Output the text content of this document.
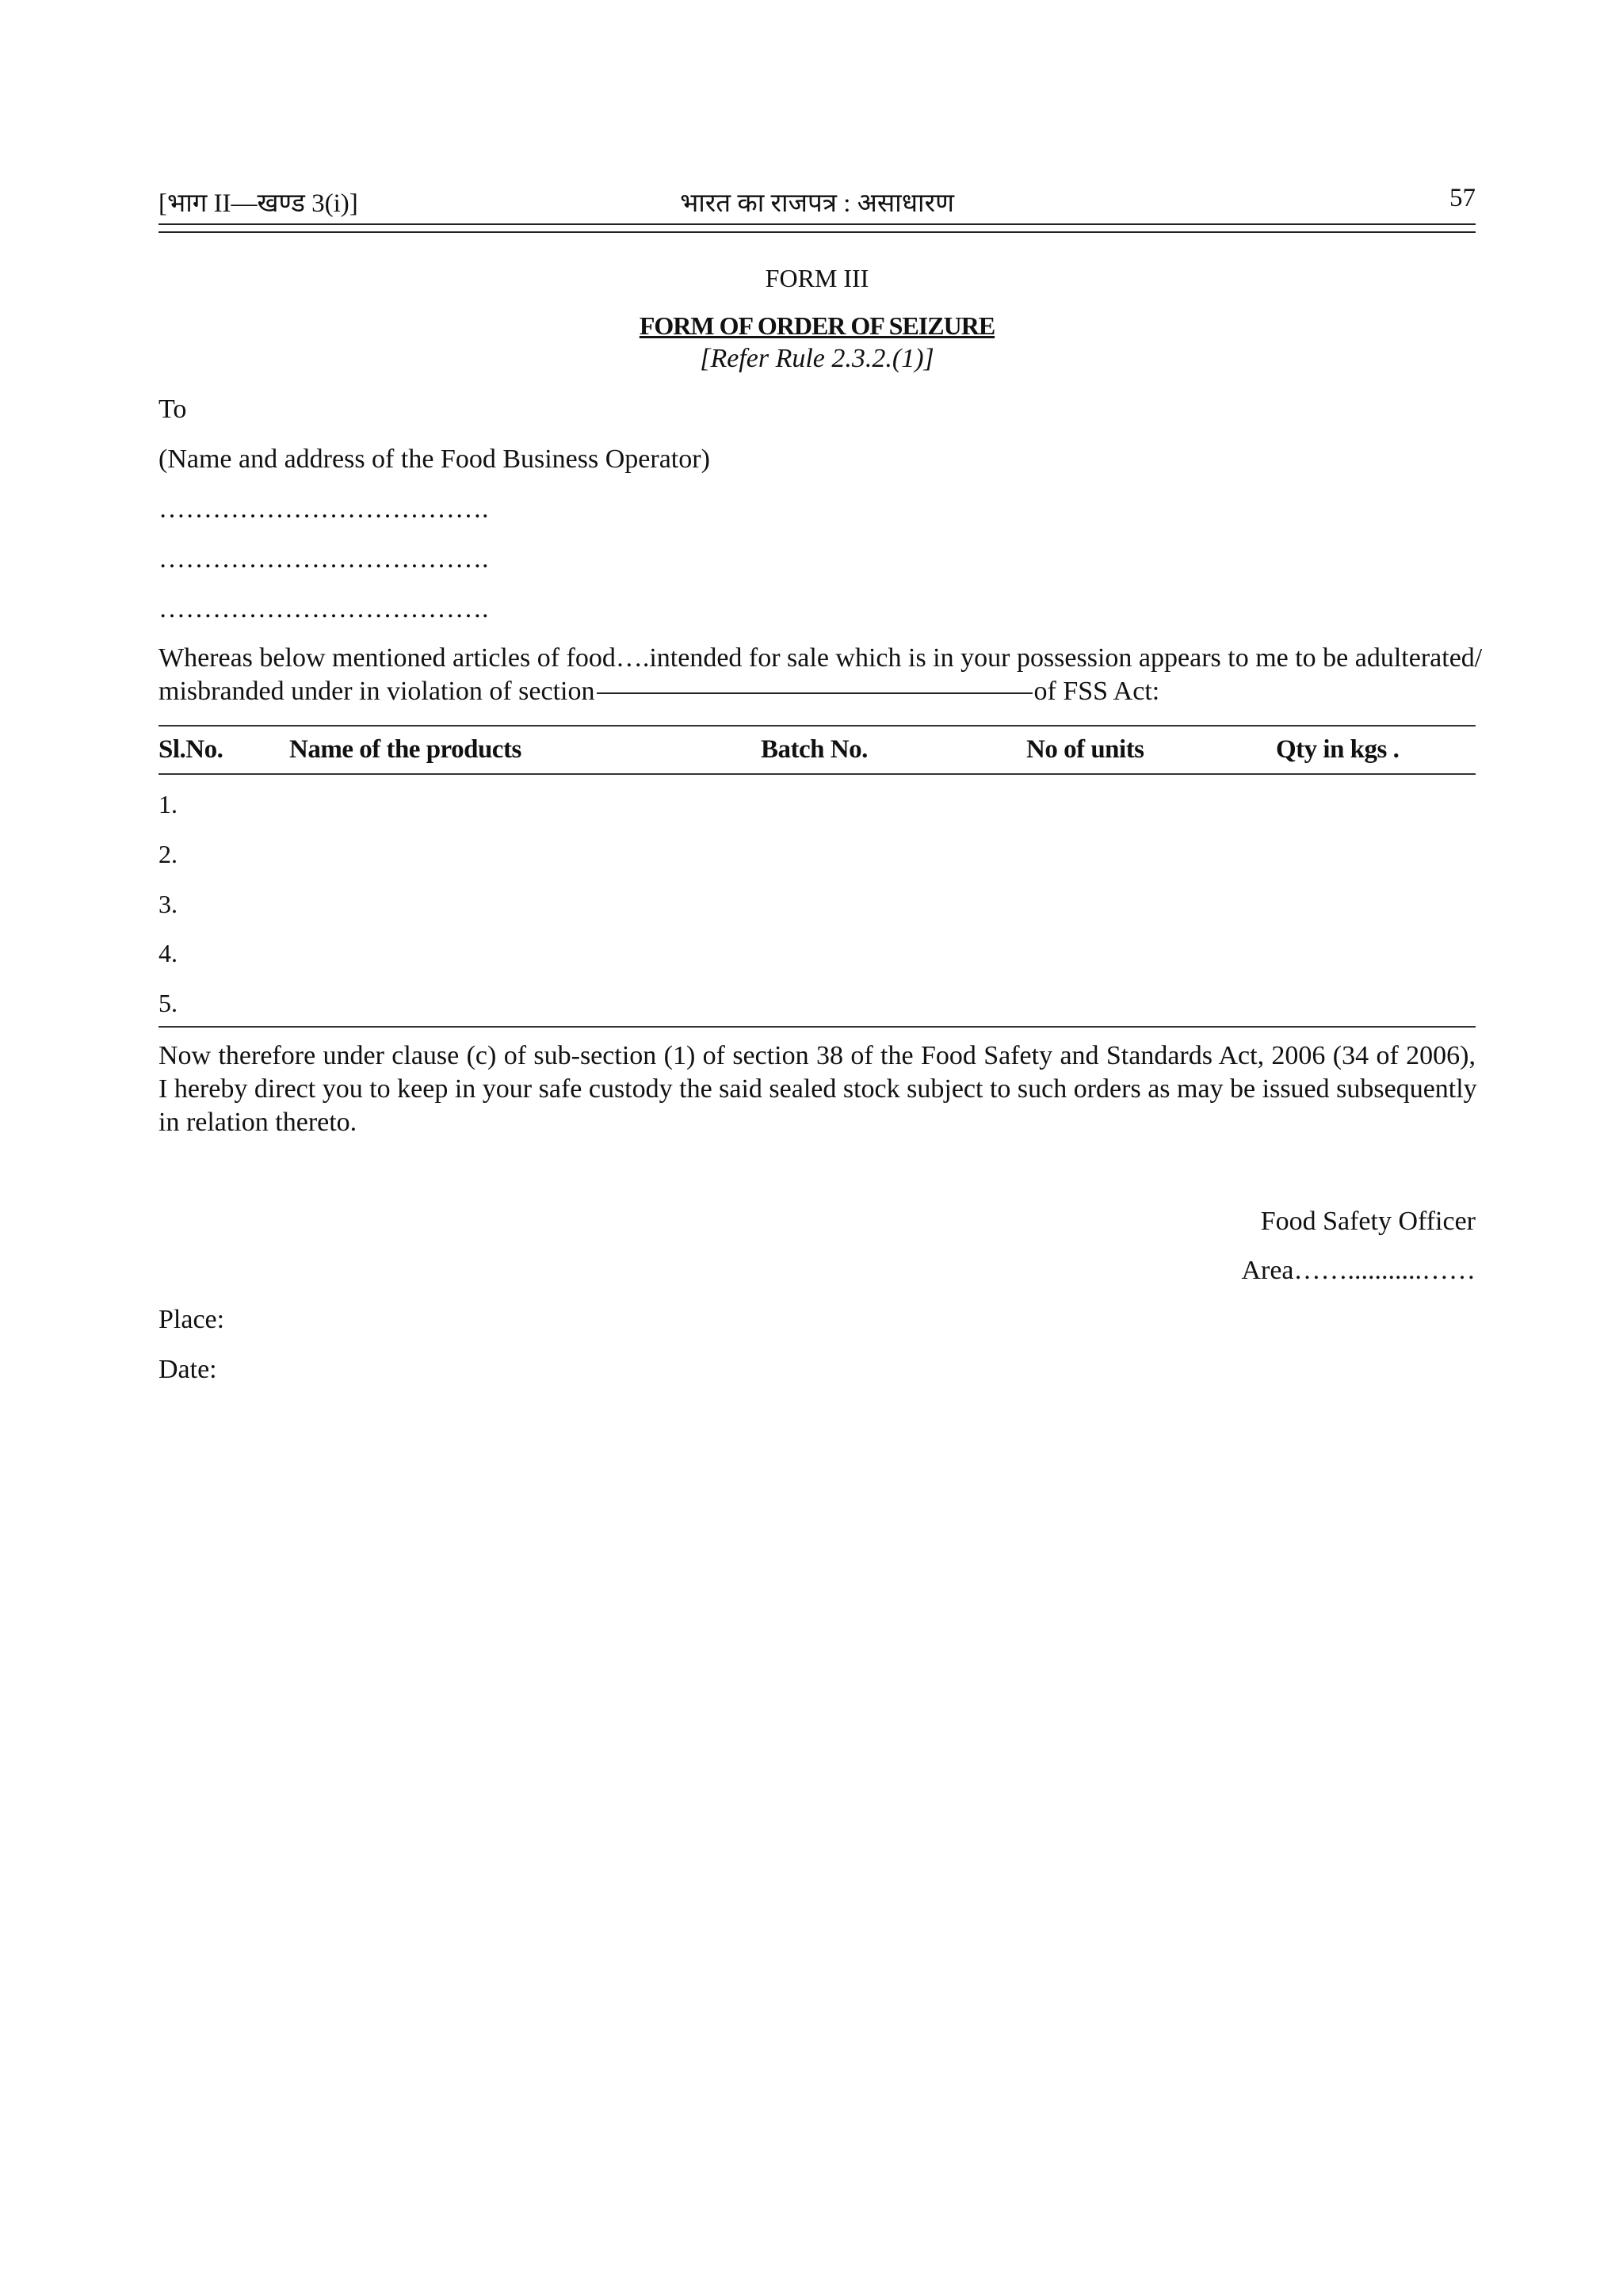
[भाग II—खण्ड 3(i)]	भारत का राजपत्र : असाधारण	57
FORM III
FORM OF ORDER OF SEIZURE
[Refer Rule 2.3.2.(1)]
To
(Name and address of the Food Business Operator)
……………………………….
……………………………….
……………………………….
Whereas below mentioned articles of food….intended for sale which is in your possession appears to me to be adulterated/
misbranded under in violation of section	of FSS Act:
Sl.No.	Name of the products	Batch No.	No of units	Qty in kgs .
1.
2.
3.
4.
5.
Now therefore under clause (c) of sub-section (1) of section 38 of the Food Safety and Standards Act, 2006 (34 of 2006),
I hereby direct you to keep in your safe custody the said sealed stock subject to such orders as may be issued subsequently
in relation thereto.
Food Safety Officer
Area……...........……
Place:
Date:
